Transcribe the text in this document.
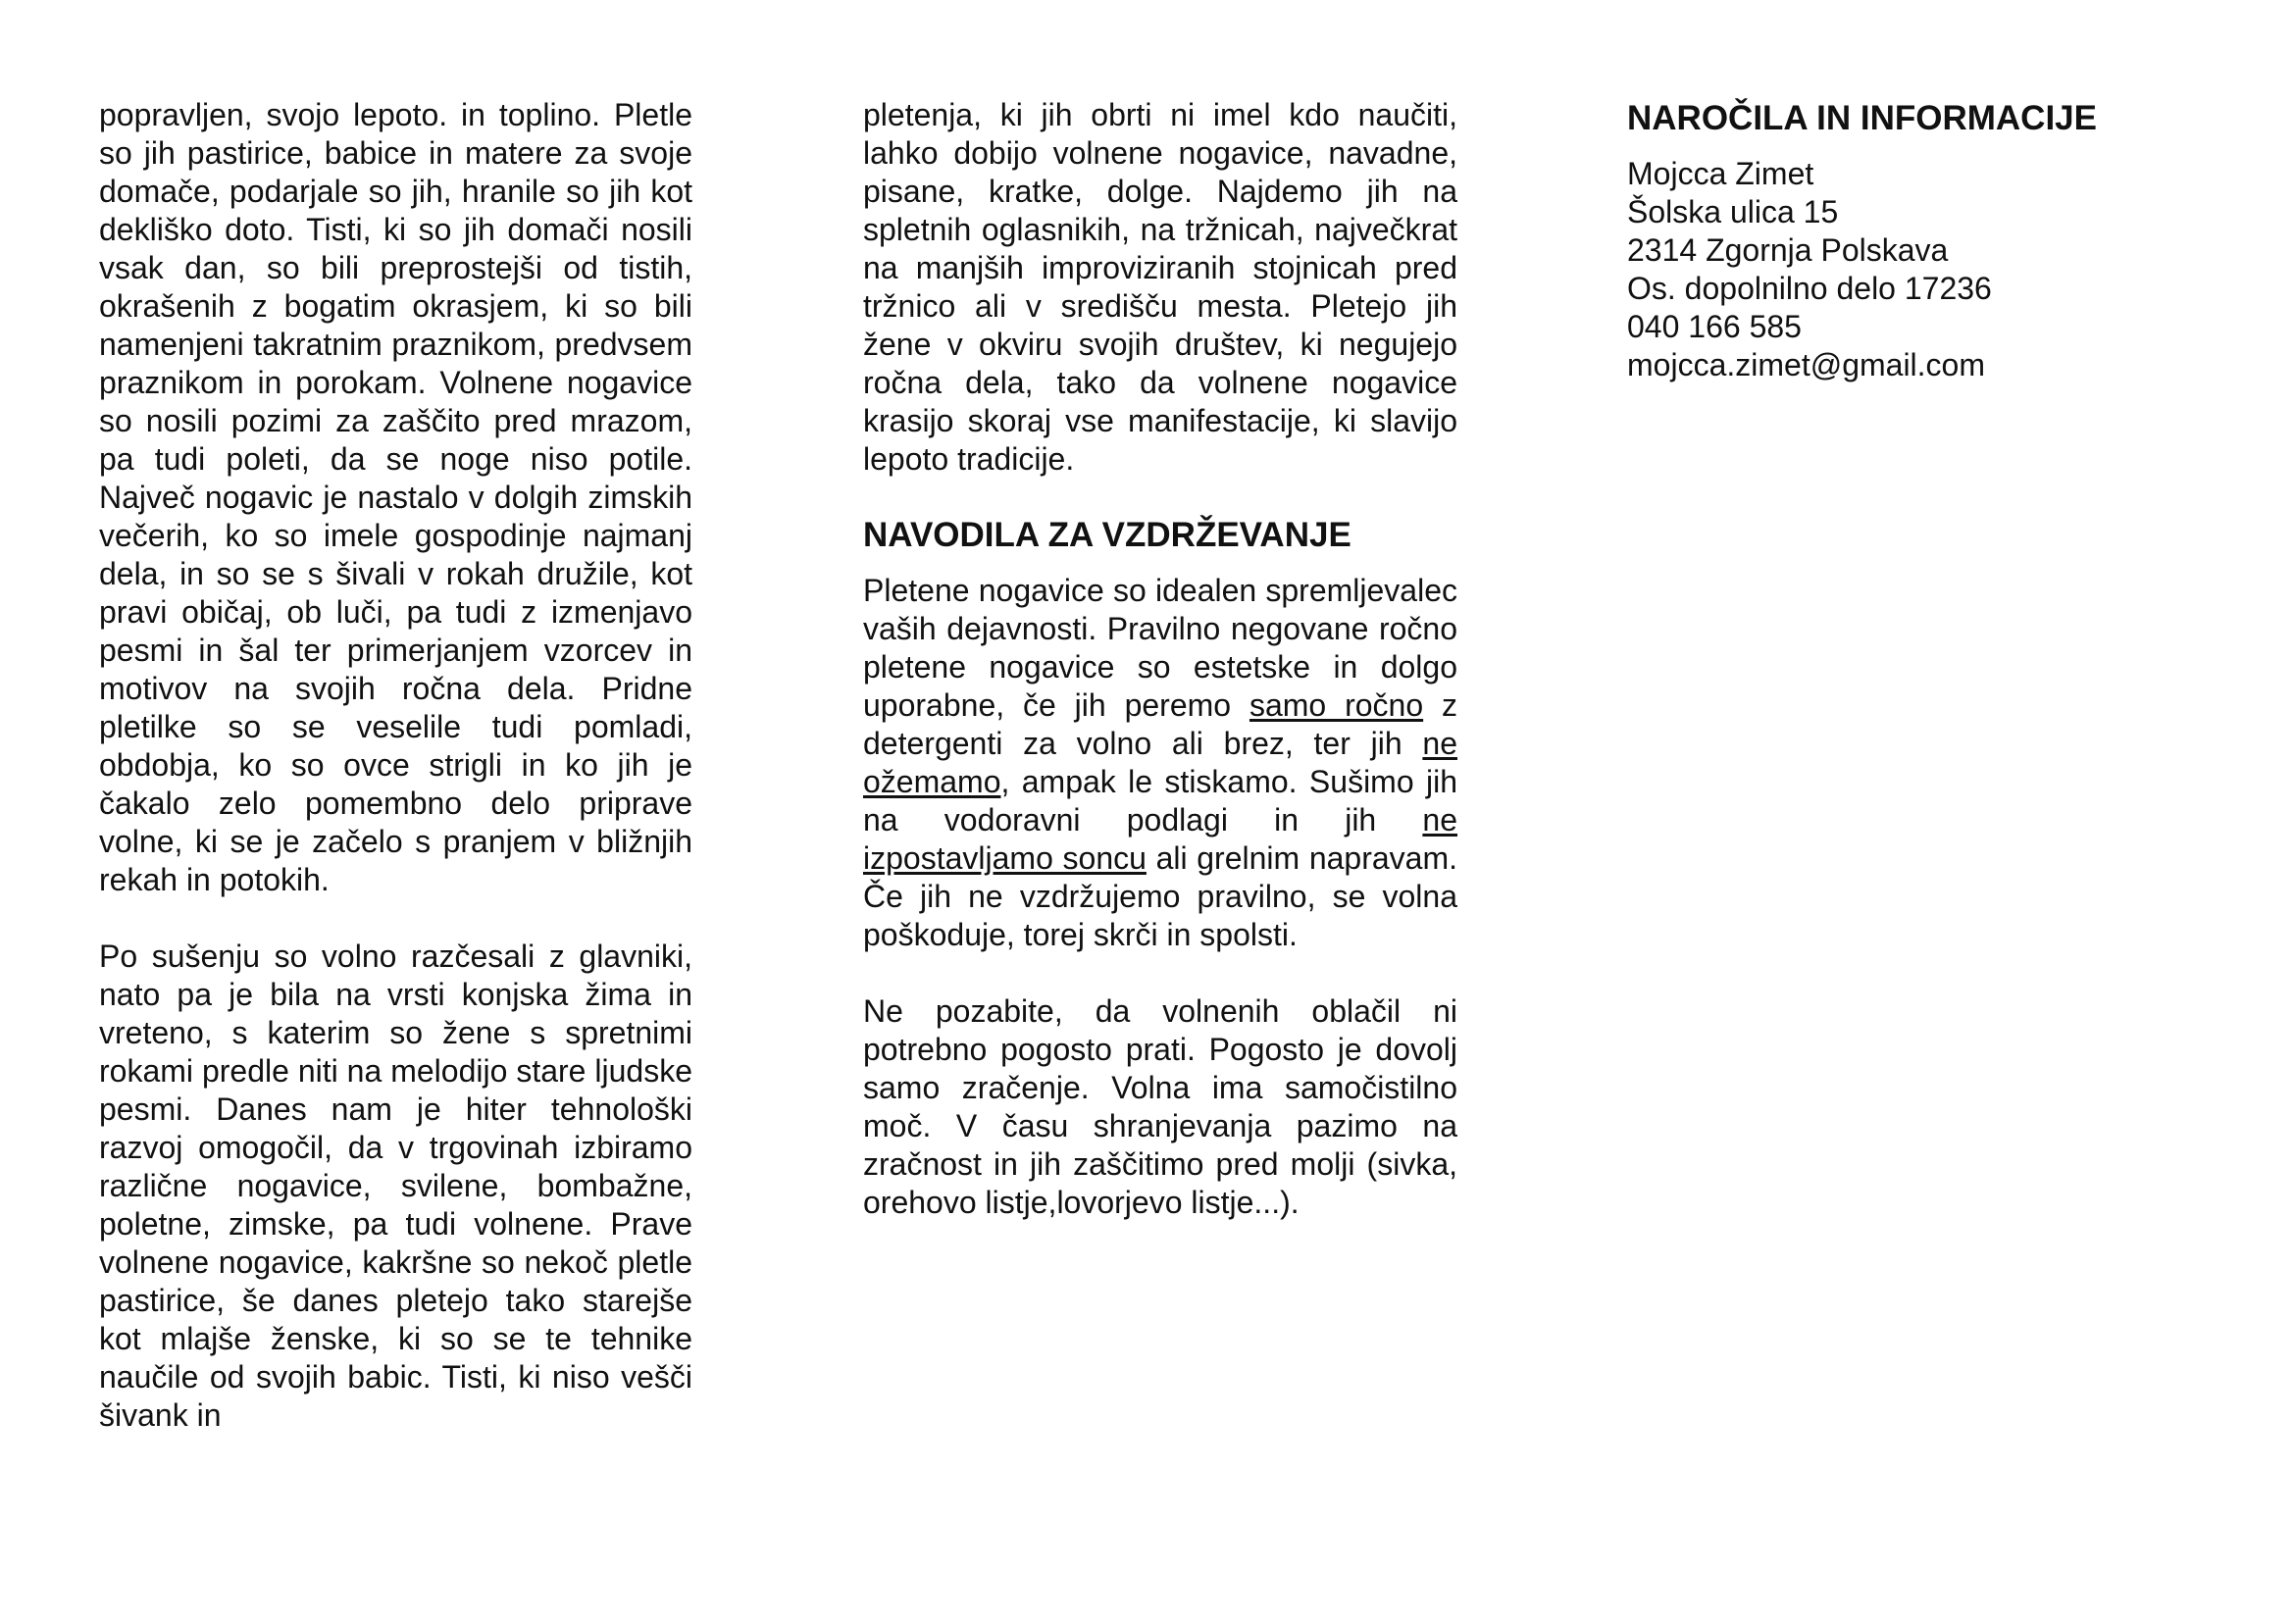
popravljen, svojo lepoto. in toplino. Pletle so jih pastirice, babice in matere za svoje domače, podarjale so jih, hranile so jih kot dekliško doto. Tisti, ki so jih domači nosili vsak dan, so bili preprostejši od tistih, okrašenih z bogatim okrasjem, ki so bili namenjeni takratnim praznikom, predvsem praznikom in porokam. Volnene nogavice so nosili pozimi za zaščito pred mrazom, pa tudi poleti, da se noge niso potile. Največ nogavic je nastalo v dolgih zimskih večerih, ko so imele gospodinje najmanj dela, in so se s šivali v rokah družile, kot pravi običaj, ob luči, pa tudi z izmenjavo pesmi in šal ter primerjanjem vzorcev in motivov na svojih ročna dela. Pridne pletilke so se veselile tudi pomladi, obdobja, ko so ovce strigli in ko jih je čakalo zelo pomembno delo priprave volne, ki se je začelo s pranjem v bližnjih rekah in potokih.

Po sušenju so volno razčesali z glavniki, nato pa je bila na vrsti konjska žima in vreteno, s katerim so žene s spretnimi rokami predle niti na melodijo stare ljudske pesmi. Danes nam je hiter tehnološki razvoj omogočil, da v trgovinah izbiramo različne nogavice, svilene, bombažne, poletne, zimske, pa tudi volnene. Prave volnene nogavice, kakršne so nekoč pletle pastirice, še danes pletejo tako starejše kot mlajše ženske, ki so se te tehnike naučile od svojih babic. Tisti, ki niso vešči šivank in

pletenja, ki jih obrti ni imel kdo naučiti, lahko dobijo volnene nogavice, navadne, pisane, kratke, dolge. Najdemo jih na spletnih oglasnikih, na tržnicah, največkrat na manjših improviziranih stojnicah pred tržnico ali v središču mesta. Pletejo jih žene v okviru svojih društev, ki negujejo ročna dela, tako da volnene nogavice krasijo skoraj vse manifestacije, ki slavijo lepoto tradicije.

NAVODILA ZA VZDRŽEVANJE

Pletene nogavice so idealen spremljevalec vaših dejavnosti. Pravilno negovane ročno pletene nogavice so estetske in dolgo uporabne, če jih peremo samo ročno z detergenti za volno ali brez, ter jih ne ožemamo, ampak le stiskamo. Sušimo jih na vodoravni podlagi in jih ne izpostavljamo soncu ali grelnim napravam. Če jih ne vzdržujemo pravilno, se volna poškoduje, torej skrči in spolsti.

Ne pozabite, da volnenih oblačil ni potrebno pogosto prati. Pogosto je dovolj samo zračenje. Volna ima samočistilno moč. V času shranjevanja pazimo na zračnost in jih zaščitimo pred molji (sivka, orehovo listje,lovorjevo listje...).

NAROČILA IN INFORMACIJE
Mojcca Zimet
Šolska ulica 15
2314 Zgornja Polskava
Os. dopolnilno delo 17236
040 166 585
mojcca.zimet@gmail.com
